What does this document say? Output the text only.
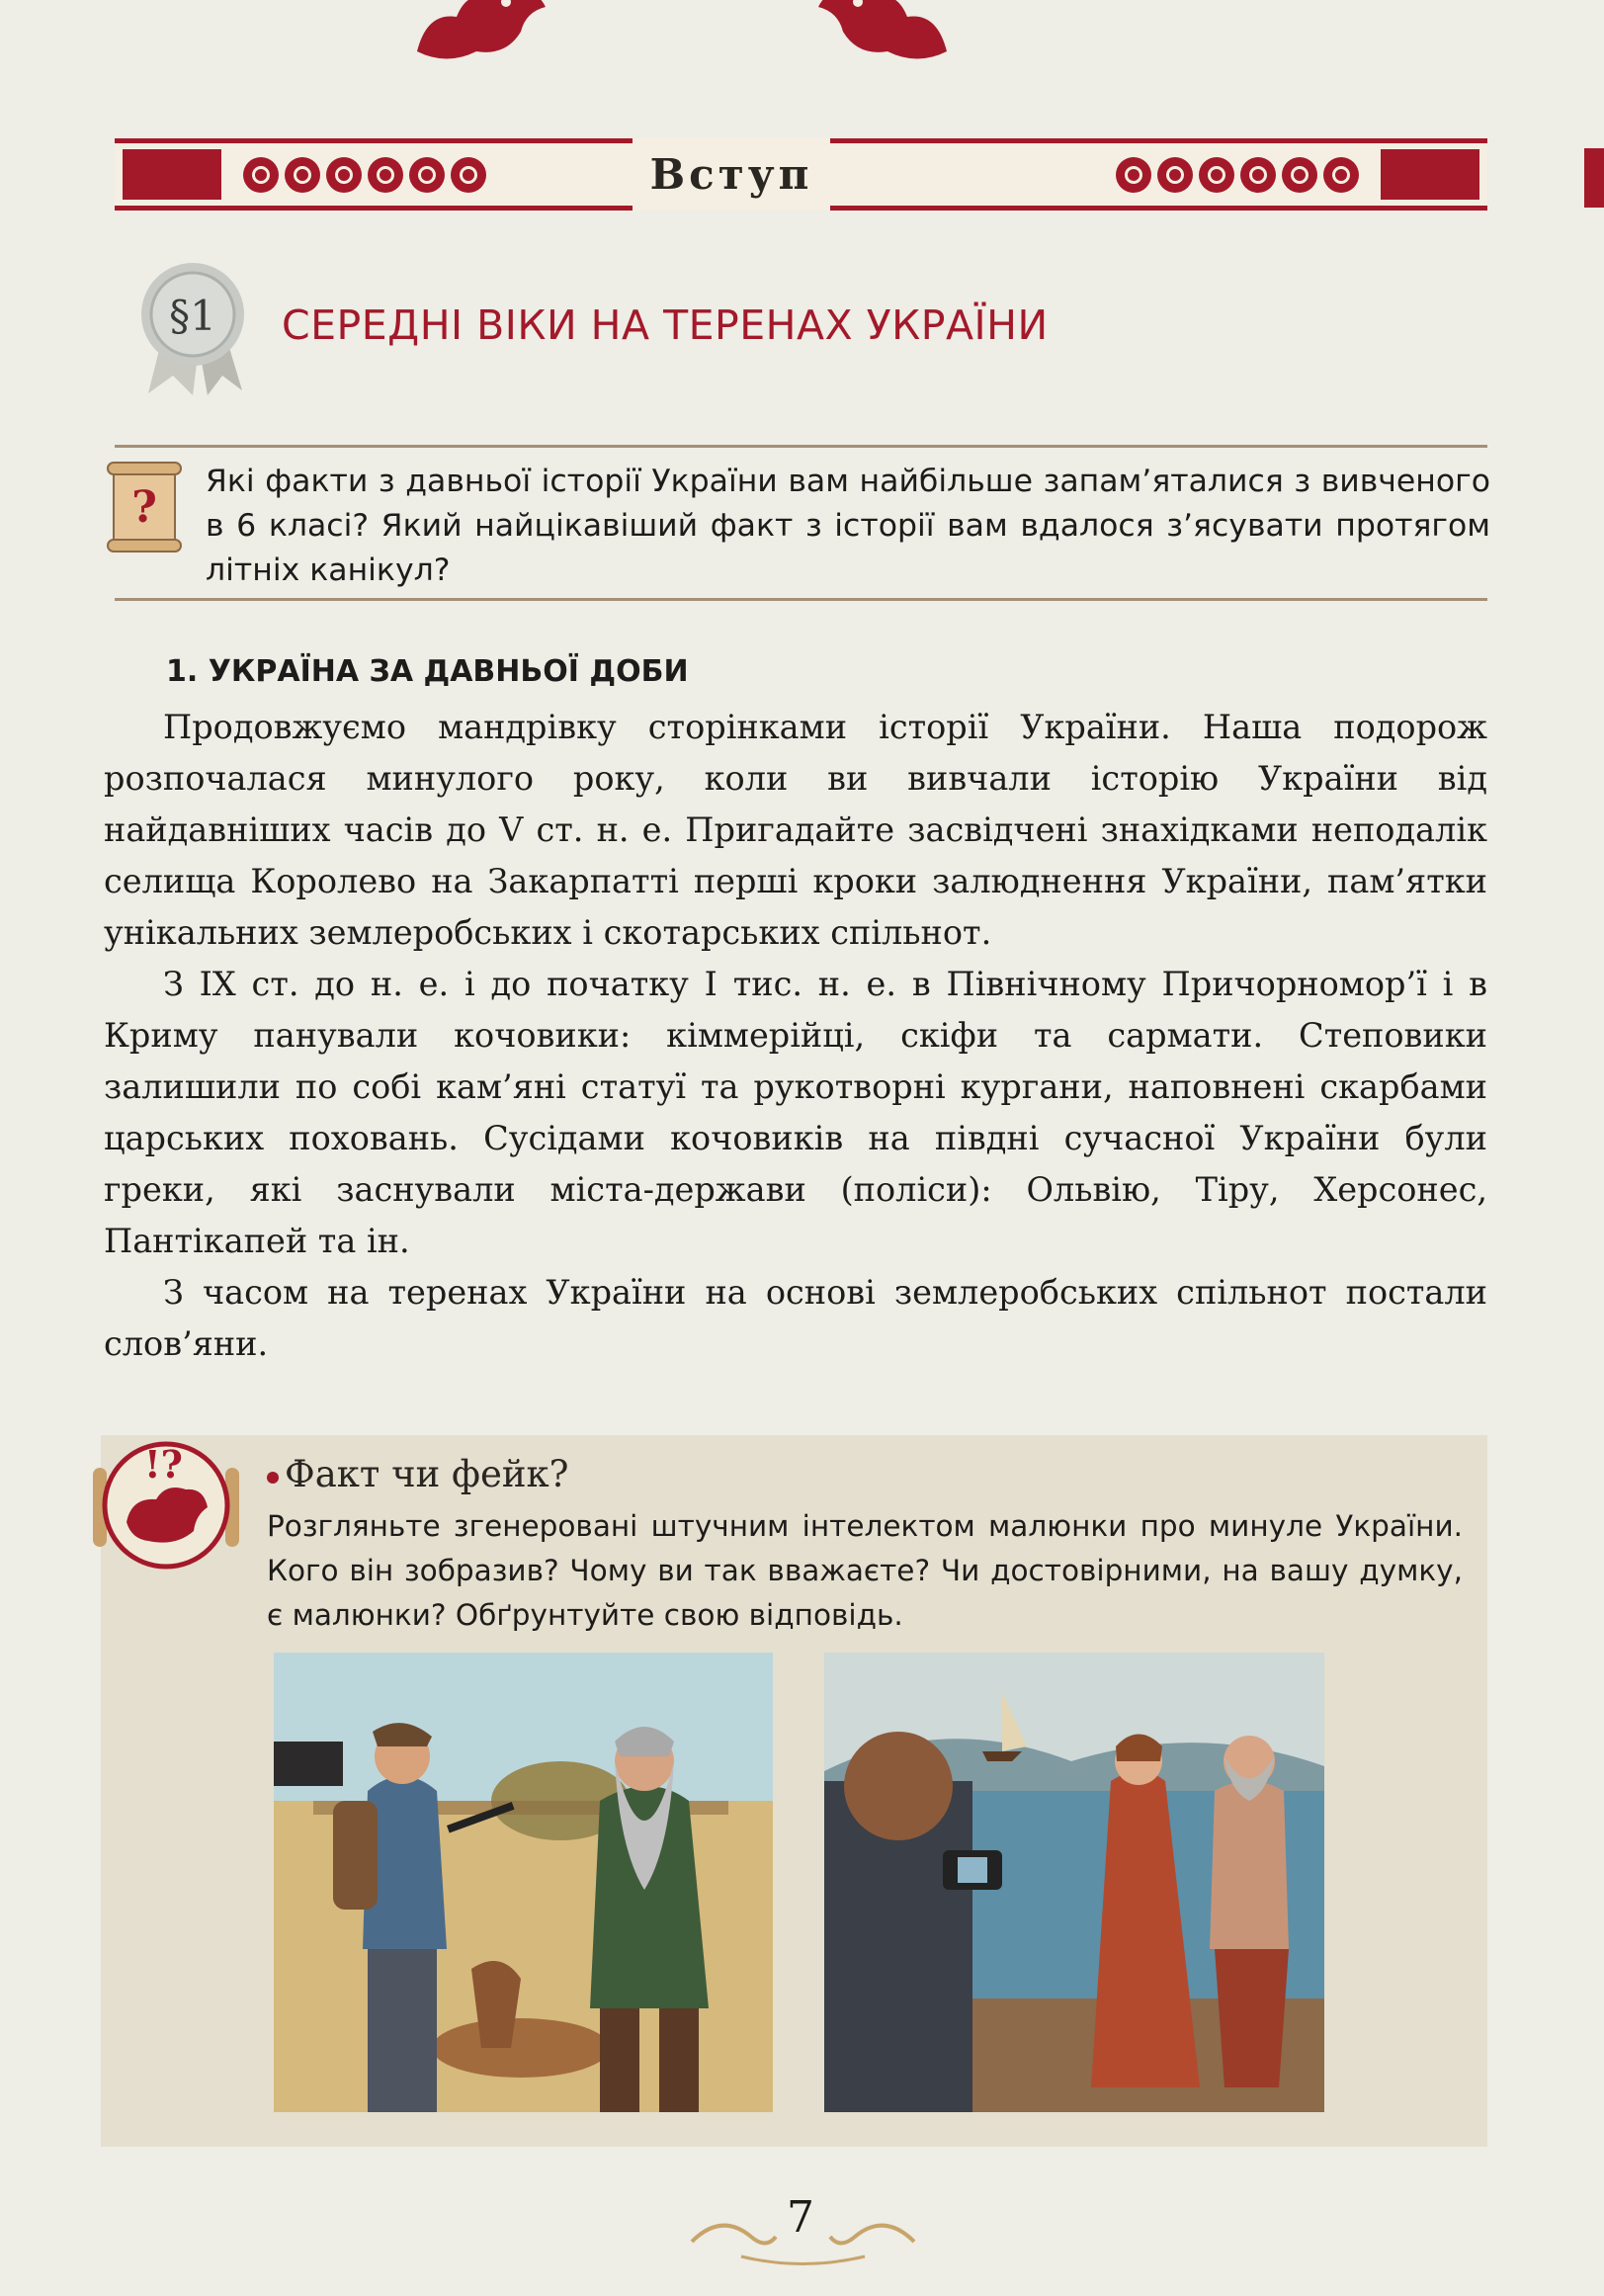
Вступ
§1 СЕРЕДНІ ВІКИ НА ТЕРЕНАХ УКРАЇНИ
?
Які факти з давньої історії України вам найбільше запам’яталися з вивченого в 6 класі? Який найцікавіший факт з історії вам вдалося з’ясувати протягом літніх канікул?
1. УКРАЇНА ЗА ДАВНЬОЇ ДОБИ

Продовжуємо мандрівку сторінками історії України. Наша подорож розпочалася минулого року, коли ви вивчали історію України від найдавніших часів до V ст. н. е. Пригадайте засвідчені знахідками неподалік селища Королево на Закарпатті перші кроки залюднення України, пам’ятки унікальних землеробських і скотарських спільнот.

З IX ст. до н. е. і до початку I тис. н. е. в Північному Причорномор’ї і в Криму панували кочовики: кіммерійці, скіфи та сармати. Степовики залишили по собі кам’яні статуї та рукотворні кургани, наповнені скарбами царських поховань. Сусідами кочовиків на півдні сучасної України були греки, які заснували міста-держави (поліси): Ольвію, Тіру, Херсонес, Пантікапей та ін.

З часом на теренах України на основі землеробських спільнот постали слов’яни.

!?	Факт чи фейк?
Розгляньте згенеровані штучним інтелектом малюнки про минуле України. Кого він зобразив? Чому ви так вважаєте? Чи достовірними, на вашу думку, є малюнки? Обґрунтуйте свою відповідь.
7
